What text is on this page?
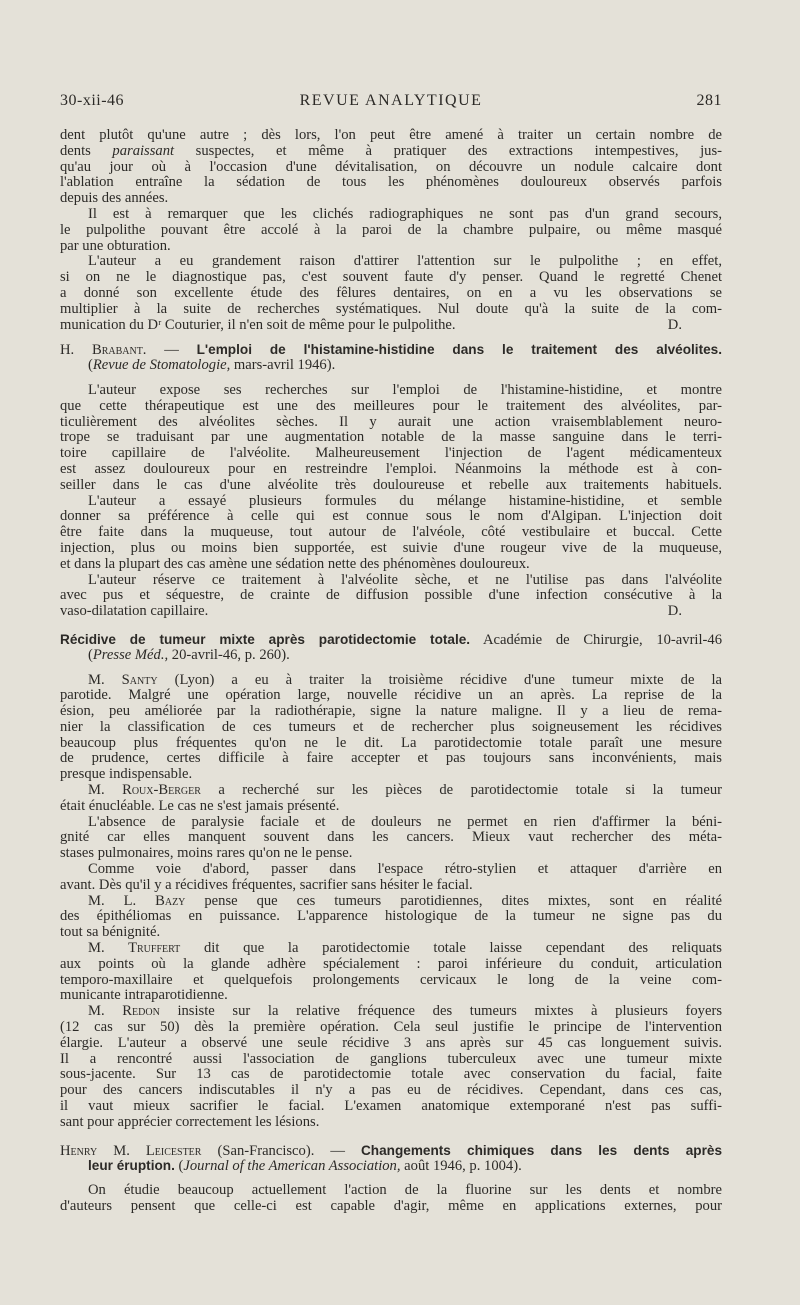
30-xii-46	REVUE ANALYTIQUE	281
dent plutôt qu'une autre ; dès lors, l'on peut être amené à traiter un certain nombre de
dents paraissant suspectes, et même à pratiquer des extractions intempestives, jus-
qu'au jour où à l'occasion d'une dévitalisation, on découvre un nodule calcaire dont
l'ablation entraîne la sédation de tous les phénomènes douloureux observés parfois
depuis des années.
Il est à remarquer que les clichés radiographiques ne sont pas d'un grand secours,
le pulpolithe pouvant être accolé à la paroi de la chambre pulpaire, ou même masqué
par une obturation.
L'auteur a eu grandement raison d'attirer l'attention sur le pulpolithe ; en effet,
si on ne le diagnostique pas, c'est souvent faute d'y penser. Quand le regretté Chenet
a donné son excellente étude des fêlures dentaires, on en a vu les observations se
multiplier à la suite de recherches systématiques. Nul doute qu'à la suite de la com-
munication du Dʳ Couturier, il n'en soit de même pour le pulpolithe.	D.
H. Brabant. — L'emploi de l'histamine-histidine dans le traitement des alvéolites.
(Revue de Stomatologie, mars-avril 1946).
L'auteur expose ses recherches sur l'emploi de l'histamine-histidine, et montre
que cette thérapeutique est une des meilleures pour le traitement des alvéolites, par-
ticulièrement des alvéolites sèches. Il y aurait une action vraisemblablement neuro-
trope se traduisant par une augmentation notable de la masse sanguine dans le terri-
toire capillaire de l'alvéolite. Malheureusement l'injection de l'agent médicamenteux
est assez douloureux pour en restreindre l'emploi. Néanmoins la méthode est à con-
seiller dans le cas d'une alvéolite très douloureuse et rebelle aux traitements habituels.
L'auteur a essayé plusieurs formules du mélange histamine-histidine, et semble
donner sa préférence à celle qui est connue sous le nom d'Algipan. L'injection doit
être faite dans la muqueuse, tout autour de l'alvéole, côté vestibulaire et buccal. Cette
injection, plus ou moins bien supportée, est suivie d'une rougeur vive de la muqueuse,
et dans la plupart des cas amène une sédation nette des phénomènes douloureux.
L'auteur réserve ce traitement à l'alvéolite sèche, et ne l'utilise pas dans l'alvéolite
avec pus et séquestre, de crainte de diffusion possible d'une infection consécutive à la
vaso-dilatation capillaire.	D.
Récidive de tumeur mixte après parotidectomie totale. Académie de Chirurgie, 10-avril-46
(Presse Méd., 20-avril-46, p. 260).
M. Santy (Lyon) a eu à traiter la troisième récidive d'une tumeur mixte de la
parotide. Malgré une opération large, nouvelle récidive un an après. La reprise de la
ésion, peu améliorée par la radiothérapie, signe la nature maligne. Il y a lieu de rema-
nier la classification de ces tumeurs et de rechercher plus soigneusement les récidives
beaucoup plus fréquentes qu'on ne le dit. La parotidectomie totale paraît une mesure
de prudence, certes difficile à faire accepter et pas toujours sans inconvénients, mais
presque indispensable.
M. Roux-Berger a recherché sur les pièces de parotidectomie totale si la tumeur
était énucléable. Le cas ne s'est jamais présenté.
L'absence de paralysie faciale et de douleurs ne permet en rien d'affirmer la béni-
gnité car elles manquent souvent dans les cancers. Mieux vaut rechercher des méta-
stases pulmonaires, moins rares qu'on ne le pense.
Comme voie d'abord, passer dans l'espace rétro-stylien et attaquer d'arrière en
avant. Dès qu'il y a récidives fréquentes, sacrifier sans hésiter le facial.
M. L. Bazy pense que ces tumeurs parotidiennes, dites mixtes, sont en réalité
des épithéliomas en puissance. L'apparence histologique de la tumeur ne signe pas du
tout sa bénignité.
M. Truffert dit que la parotidectomie totale laisse cependant des reliquats
aux points où la glande adhère spécialement : paroi inférieure du conduit, articulation
temporo-maxillaire et quelquefois prolongements cervicaux le long de la veine com-
municante intraparotidienne.
M. Redon insiste sur la relative fréquence des tumeurs mixtes à plusieurs foyers
(12 cas sur 50) dès la première opération. Cela seul justifie le principe de l'intervention
élargie. L'auteur a observé une seule récidive 3 ans après sur 45 cas longuement suivis.
Il a rencontré aussi l'association de ganglions tuberculeux avec une tumeur mixte
sous-jacente. Sur 13 cas de parotidectomie totale avec conservation du facial, faite
pour des cancers indiscutables il n'y a pas eu de récidives. Cependant, dans ces cas,
il vaut mieux sacrifier le facial. L'examen anatomique extemporané n'est pas suffi-
sant pour apprécier correctement les lésions.
Henry M. Leicester (San-Francisco). — Changements chimiques dans les dents après
leur éruption. (Journal of the American Association, août 1946, p. 1004).
On étudie beaucoup actuellement l'action de la fluorine sur les dents et nombre
d'auteurs pensent que celle-ci est capable d'agir, même en applications externes, pour
